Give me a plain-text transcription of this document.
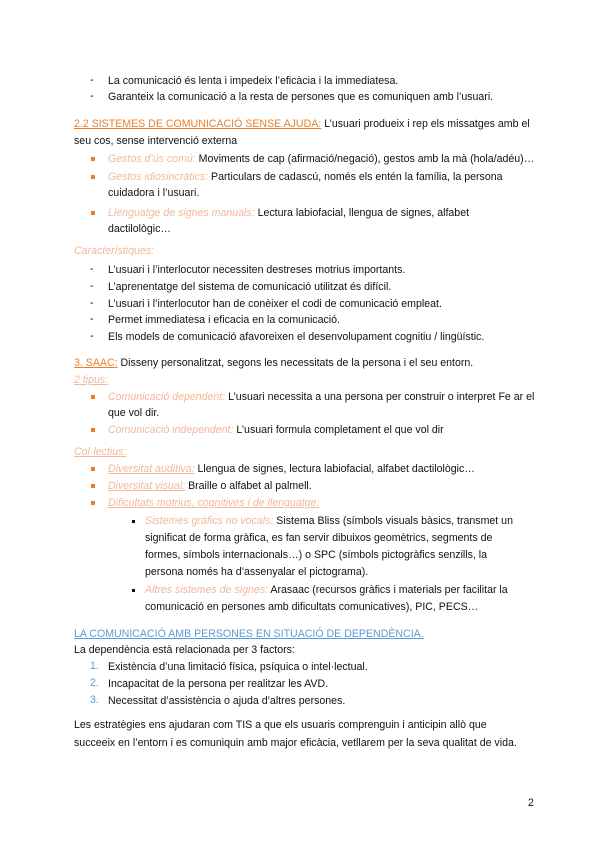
-	La comunicació és lenta i impedeix l’eficàcia i la immediatesa.
-	Garanteix la comunicació a la resta de persones que es comuniquen amb l’usuari.
2.2 SISTEMES DE COMUNICACIÓ SENSE AJUDA: L’usuari produeix i rep els missatges amb el
seu cos, sense intervenció externa
Gestos d’ús comú: Moviments de cap (afirmació/negació), gestos amb la mà (hola/adéu)…
Gestos idiosincràtics: Particulars de cadascú, només els entén la família, la persona
cuidadora i l’usuari.
Llenguatge de signes manuals: Lectura labiofacial, llengua de signes, alfabet
dactilològic…
Característiques:
-	L’usuari i l’interlocutor necessiten destreses motrius importants.
-	L’aprenentatge del sistema de comunicació utilitzat és difícil.
-	L’usuari i l’interlocutor han de conèixer el codi de comunicació empleat.
-	Permet immediatesa i eficacia en la comunicació.
-	Els models de comunicació afavoreixen el desenvolupament cognitiu / lingüístic.
3. SAAC: Disseny personalitzat, segons les necessitats de la persona i el seu entorn.
2 tipus:
Comunicació dependent: L’usuari necessita a una persona per construir o interpret Fe ar el
que vol dir.
Comunicació independent: L’usuari formula completament el que vol dir
Col·lectius:
Diversitat auditiva: Llengua de signes, lectura labiofacial, alfabet dactilològic…
Diversitat visual: Braille o alfabet al palmell.
Dificultats motrius, cognitives i de llenguatge:
Sistemes gràfics no vocals: Sistema Bliss (símbols visuals bàsics, transmet un
significat de forma gràfica, es fan servir dibuixos geomètrics, segments de
formes, símbols internacionals…) o SPC (símbols pictogràfics senzills, la
persona només ha d’assenyalar el pictograma).
Altres sistemes de signes: Arasaac (recursos gràfics i materials per facilitar la
comunicació en persones amb dificultats comunicatives), PIC, PECS…
LA COMUNICACIÓ AMB PERSONES EN SITUACIÓ DE DEPENDÈNCIA.
La dependència està relacionada per 3 factors:
1. Existència d’una limitació física, psíquica o intel·lectual.
2. Incapacitat de la persona per realitzar les AVD.
3. Necessitat d’assistència o ajuda d’altres persones.
Les estratègies ens ajudaran com TIS a que els usuaris comprenguin i anticipin allò que
succeeix en l’entorn i es comuniquin amb major eficàcia, vetllarem per la seva qualitat de vida.
2
